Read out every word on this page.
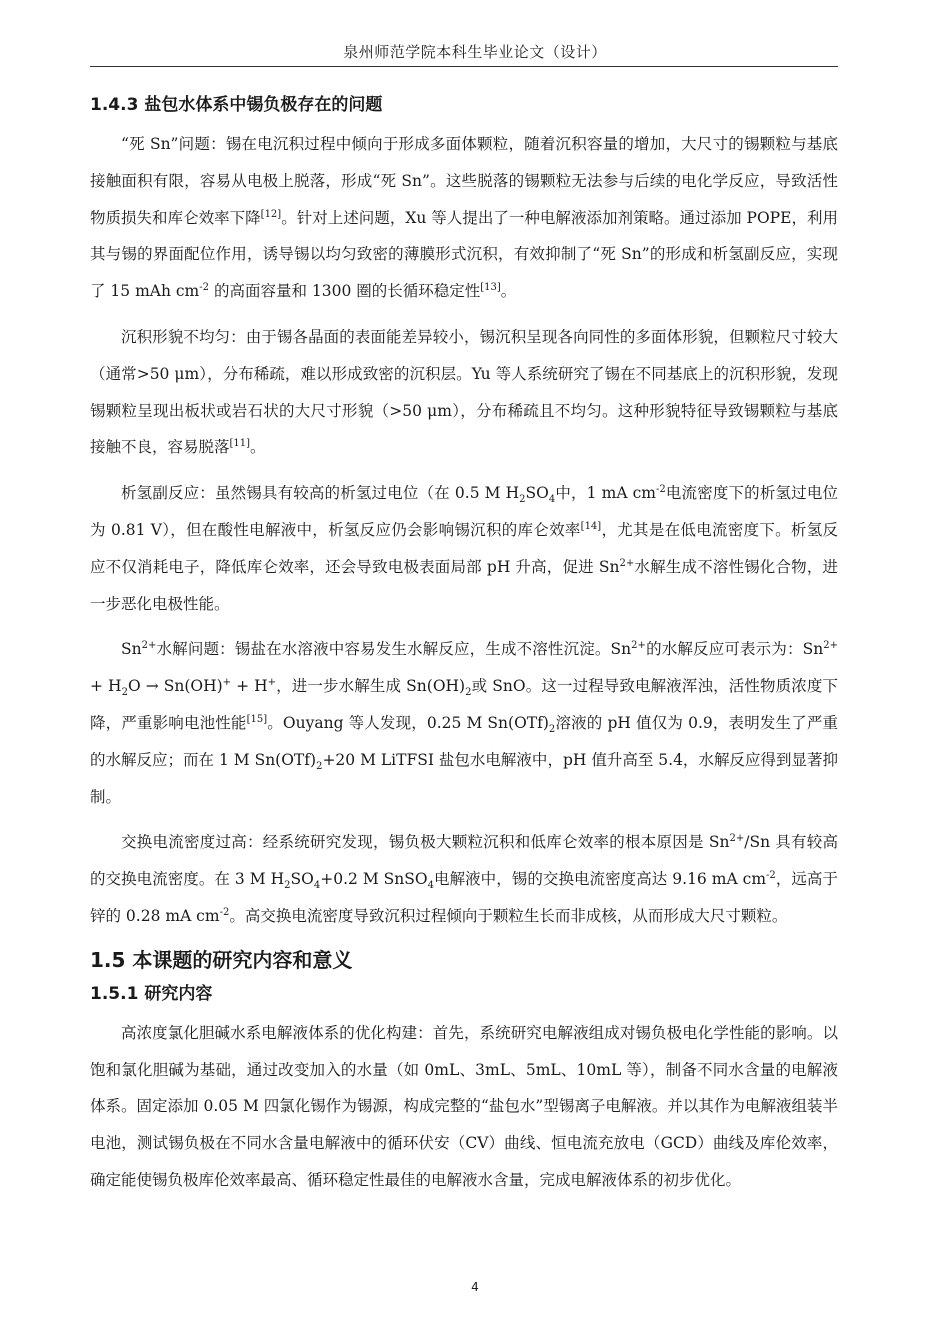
泉州师范学院本科生毕业论文（设计）
1.4.3 盐包水体系中锡负极存在的问题

“死 Sn”问题：锡在电沉积过程中倾向于形成多面体颗粒，随着沉积容量的增加，大尺寸的锡颗粒与基底接触面积有限，容易从电极上脱落，形成“死 Sn”。这些脱落的锡颗粒无法参与后续的电化学反应，导致活性物质损失和库仑效率下降[12]。针对上述问题，Xu 等人提出了一种电解液添加剂策略。通过添加 POPE，利用其与锡的界面配位作用，诱导锡以均匀致密的薄膜形式沉积，有效抑制了“死 Sn”的形成和析氢副反应，实现了 15 mAh $cm^{-2}$ 的高面容量和 1300 圈的长循环稳定性[13]。

沉积形貌不均匀：由于锡各晶面的表面能差异较小，锡沉积呈现各向同性的多面体形貌，但颗粒尺寸较大（通常>50 μm），分布稀疏，难以形成致密的沉积层。Yu 等人系统研究了锡在不同基底上的沉积形貌，发现锡颗粒呈现出板状或岩石状的大尺寸形貌（>50 μm），分布稀疏且不均匀。这种形貌特征导致锡颗粒与基底接触不良，容易脱落[11]。

析氢副反应：虽然锡具有较高的析氢过电位（在 0.5 M $H_2SO_4$中，1 mA $cm^{-2}$电流密度下的析氢过电位为 0.81 V），但在酸性电解液中，析氢反应仍会影响锡沉积的库仑效率[14]，尤其是在低电流密度下。析氢反应不仅消耗电子，降低库仑效率，还会导致电极表面局部 pH 升高，促进 $Sn^{2+}$水解生成不溶性锡化合物，进一步恶化电极性能。

$Sn^{2+}$水解问题：锡盐在水溶液中容易发生水解反应，生成不溶性沉淀。$Sn^{2+}$的水解反应可表示为：$Sn^{2+} + H_2O \to Sn(OH)^+ + H^+$，进一步水解生成 $Sn(OH)_2$或 SnO。这一过程导致电解液浑浊，活性物质浓度下降，严重影响电池性能[15]。Ouyang 等人发现，0.25 M $Sn(OTf)_2$溶液的 pH 值仅为 0.9，表明发生了严重的水解反应；而在 1 M $Sn(OTf)_2+20$ M LiTFSI 盐包水电解液中，pH 值升高至 5.4，水解反应得到显著抑制。

交换电流密度过高：经系统研究发现，锡负极大颗粒沉积和低库仑效率的根本原因是 $Sn^{2+}/Sn$ 具有较高的交换电流密度。在 3 M $H_2SO_4+0.2$ M SnSO$_4$电解液中，锡的交换电流密度高达 9.16 mA $cm^{-2}$，远高于锌的 0.28 mA $cm^{-2}$。高交换电流密度导致沉积过程倾向于颗粒生长而非成核，从而形成大尺寸颗粒。

1.5 本课题的研究内容和意义
1.5.1 研究内容

高浓度氯化胆碱水系电解液体系的优化构建：首先，系统研究电解液组成对锡负极电化学性能的影响。以饱和氯化胆碱为基础，通过改变加入的水量（如 0mL、3mL、5mL、10mL 等），制备不同水含量的电解液体系。固定添加 0.05 M 四氯化锡作为锡源，构成完整的“盐包水”型锡离子电解液。并以其作为电解液组装半电池，测试锡负极在不同水含量电解液中的循环伏安（CV）曲线、恒电流充放电（GCD）曲线及库伦效率，确定能使锡负极库伦效率最高、循环稳定性最佳的电解液水含量，完成电解液体系的初步优化。

4
